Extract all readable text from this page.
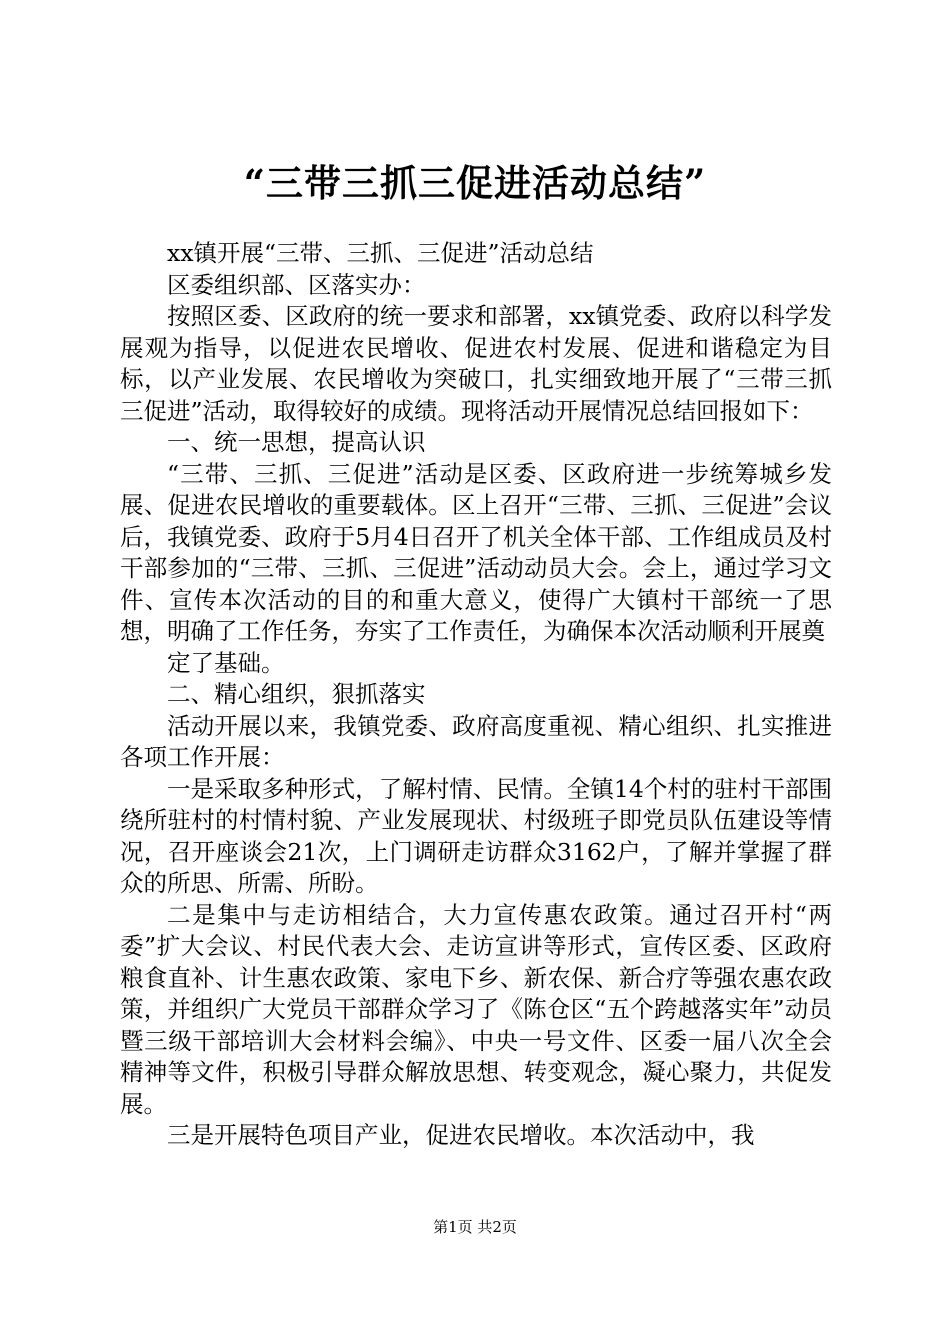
“三带三抓三促进活动总结”

xx镇开展“三带、三抓、三促进”活动总结

区委组织部、区落实办：

按照区委、区政府的统一要求和部署，xx镇党委、政府以科学发展观为指导，以促进农民增收、促进农村发展、促进和谐稳定为目标，以产业发展、农民增收为突破口，扎实细致地开展了“三带三抓三促进”活动，取得较好的成绩。现将活动开展情况总结回报如下：

一、统一思想，提高认识

“三带、三抓、三促进”活动是区委、区政府进一步统筹城乡发展、促进农民增收的重要载体。区上召开“三带、三抓、三促进”会议后，我镇党委、政府于5月4日召开了机关全体干部、工作组成员及村干部参加的“三带、三抓、三促进”活动动员大会。会上，通过学习文件、宣传本次活动的目的和重大意义，使得广大镇村干部统一了思想，明确了工作任务，夯实了工作责任，为确保本次活动顺利开展奠

定了基础。

二、精心组织，狠抓落实

活动开展以来，我镇党委、政府高度重视、精心组织、扎实推进各项工作开展：

一是采取多种形式，了解村情、民情。全镇14个村的驻村干部围绕所驻村的村情村貌、产业发展现状、村级班子即党员队伍建设等情况，召开座谈会21次，上门调研走访群众3162户，了解并掌握了群众的所思、所需、所盼。

二是集中与走访相结合，大力宣传惠农政策。通过召开村“两委”扩大会议、村民代表大会、走访宣讲等形式，宣传区委、区政府粮食直补、计生惠农政策、家电下乡、新农保、新合疗等强农惠农政策，并组织广大党员干部群众学习了《陈仓区“五个跨越落实年”动员暨三级干部培训大会材料会编》、中央一号文件、区委一届八次全会精神等文件，积极引导群众解放思想、转变观念，凝心聚力，共促发展。

三是开展特色项目产业，促进农民增收。本次活动中，我

第1页 共2页
